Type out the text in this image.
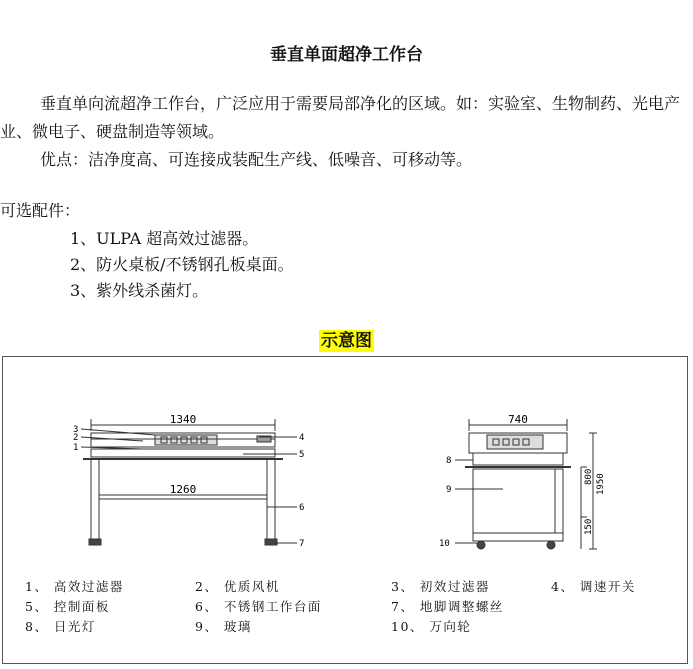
垂直单面超净工作台
垂直单向流超净工作台，广泛应用于需要局部净化的区域。如：实验室、生物制药、光电产业、微电子、硬盘制造等领域。
优点：洁净度高、可连接成装配生产线、低噪音、可移动等。
可选配件：
1、ULPA 超高效过滤器。
2、防火桌板/不锈钢孔板桌面。
3、紫外线杀菌灯。
示意图
1340
1260
740
1950
800
150
3
2
1
4
5
6
7
8
9
10
1、 高效过滤器	2、 优质风机	3、 初效过滤器	4、 调速开关
5、 控制面板	6、 不锈钢工作台面	7、 地脚调整螺丝
8、 日光灯	9、 玻璃	10、 万向轮
